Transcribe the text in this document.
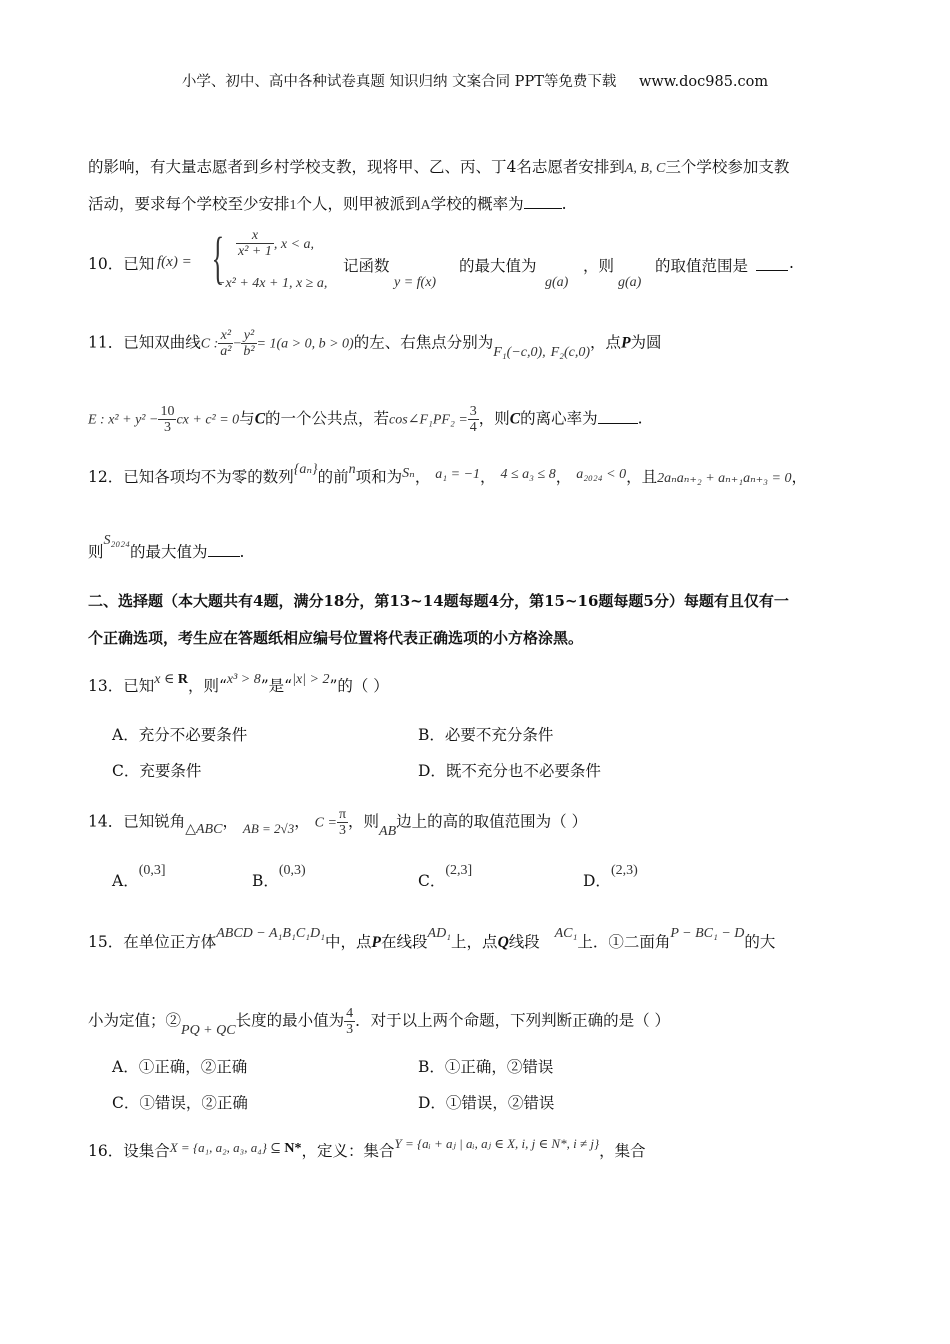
小学、初中、高中各种试卷真题 知识归纳 文案合同 PPT等免费下载 www.doc985.com
的影响，有大量志愿者到乡村学校支教，现将甲、乙、丙、丁4名志愿者安排到A, B, C三个学校参加支教
活动，要求每个学校至少安排1个人，则甲被派到A学校的概率为 .
10．已知 f(x) = { $\frac{x}{\text{x² + 1}}$ , x < a,
−x² + 4x + 1, x ≥ a,
记函数
y = f(x)
的最大值为
g(a)
，则
g(a)
的取值范围是	.
11．已知双曲线C : $\frac{\text{x²}}{\text{a²}} - \frac{\text{y²}}{\text{b²}} = 1(a > 0$, b > 0)的左、右焦点分别为F₁(−c,0), F₂(c,0)，点P为圆
E : $x^2 + y^2 - \frac{10}{3}$ cx + c² = 0与C的一个公共点，若cos∠F₁PF₂ = $\frac{3}{4}$ ，则C的离心率为	.
12．已知各项均不为零的数列{aₙ}的前n项和为Sₙ， a₁ = −1， 4 ≤ a₃ ≤ 8， a₂₀₂₄ < 0，且2aₙaₙ₊₂ + aₙ₊₁aₙ₊₃ = 0，
则S₂₀₂₄的最大值为 .
二、选择题（本大题共有4题，满分18分，第13~14题每题4分，第15~16题每题5分）每题有且仅有一
个正确选项，考生应在答题纸相应编号位置将代表正确选项的小方格涂黑。
13．已知x ∈ R，则“x³ > 8”是“|x| > 2”的（ ）
A．充分不必要条件	B．必要不充分条件
C．充要条件	D．既不充分也不必要条件
14．已知锐角△ABC， $_{AB = 2√3}$， $C = \frac{\pi}{3}$ ，则AB边上的高的取值范围为（ ）
A．(0,3]
B．(0,3)
C．(2,3]
D．(2,3)
15．在单位正方体ABCD − A₁B₁C₁D₁中，点P在线段AD₁上，点Q线段 AC₁上．①二面角P − BC₁ − D的大
小为定值；②PQ + QC长度的最小值为 $\frac{4}{3}$ ．对于以上两个命题，下列判断正确的是（ ）
A．①正确，②正确	B．①正确，②错误
C．①错误，②正确	D．①错误，②错误
16．设集合$^{X = \{a_1, a_2, a_3, a_4\} ⊆}$ N*，定义：集合$^{Y = \{aᵢ + aⱼ | aᵢ, aⱼ \in X, i, j \in N*, i \ne j\}}$，集合
